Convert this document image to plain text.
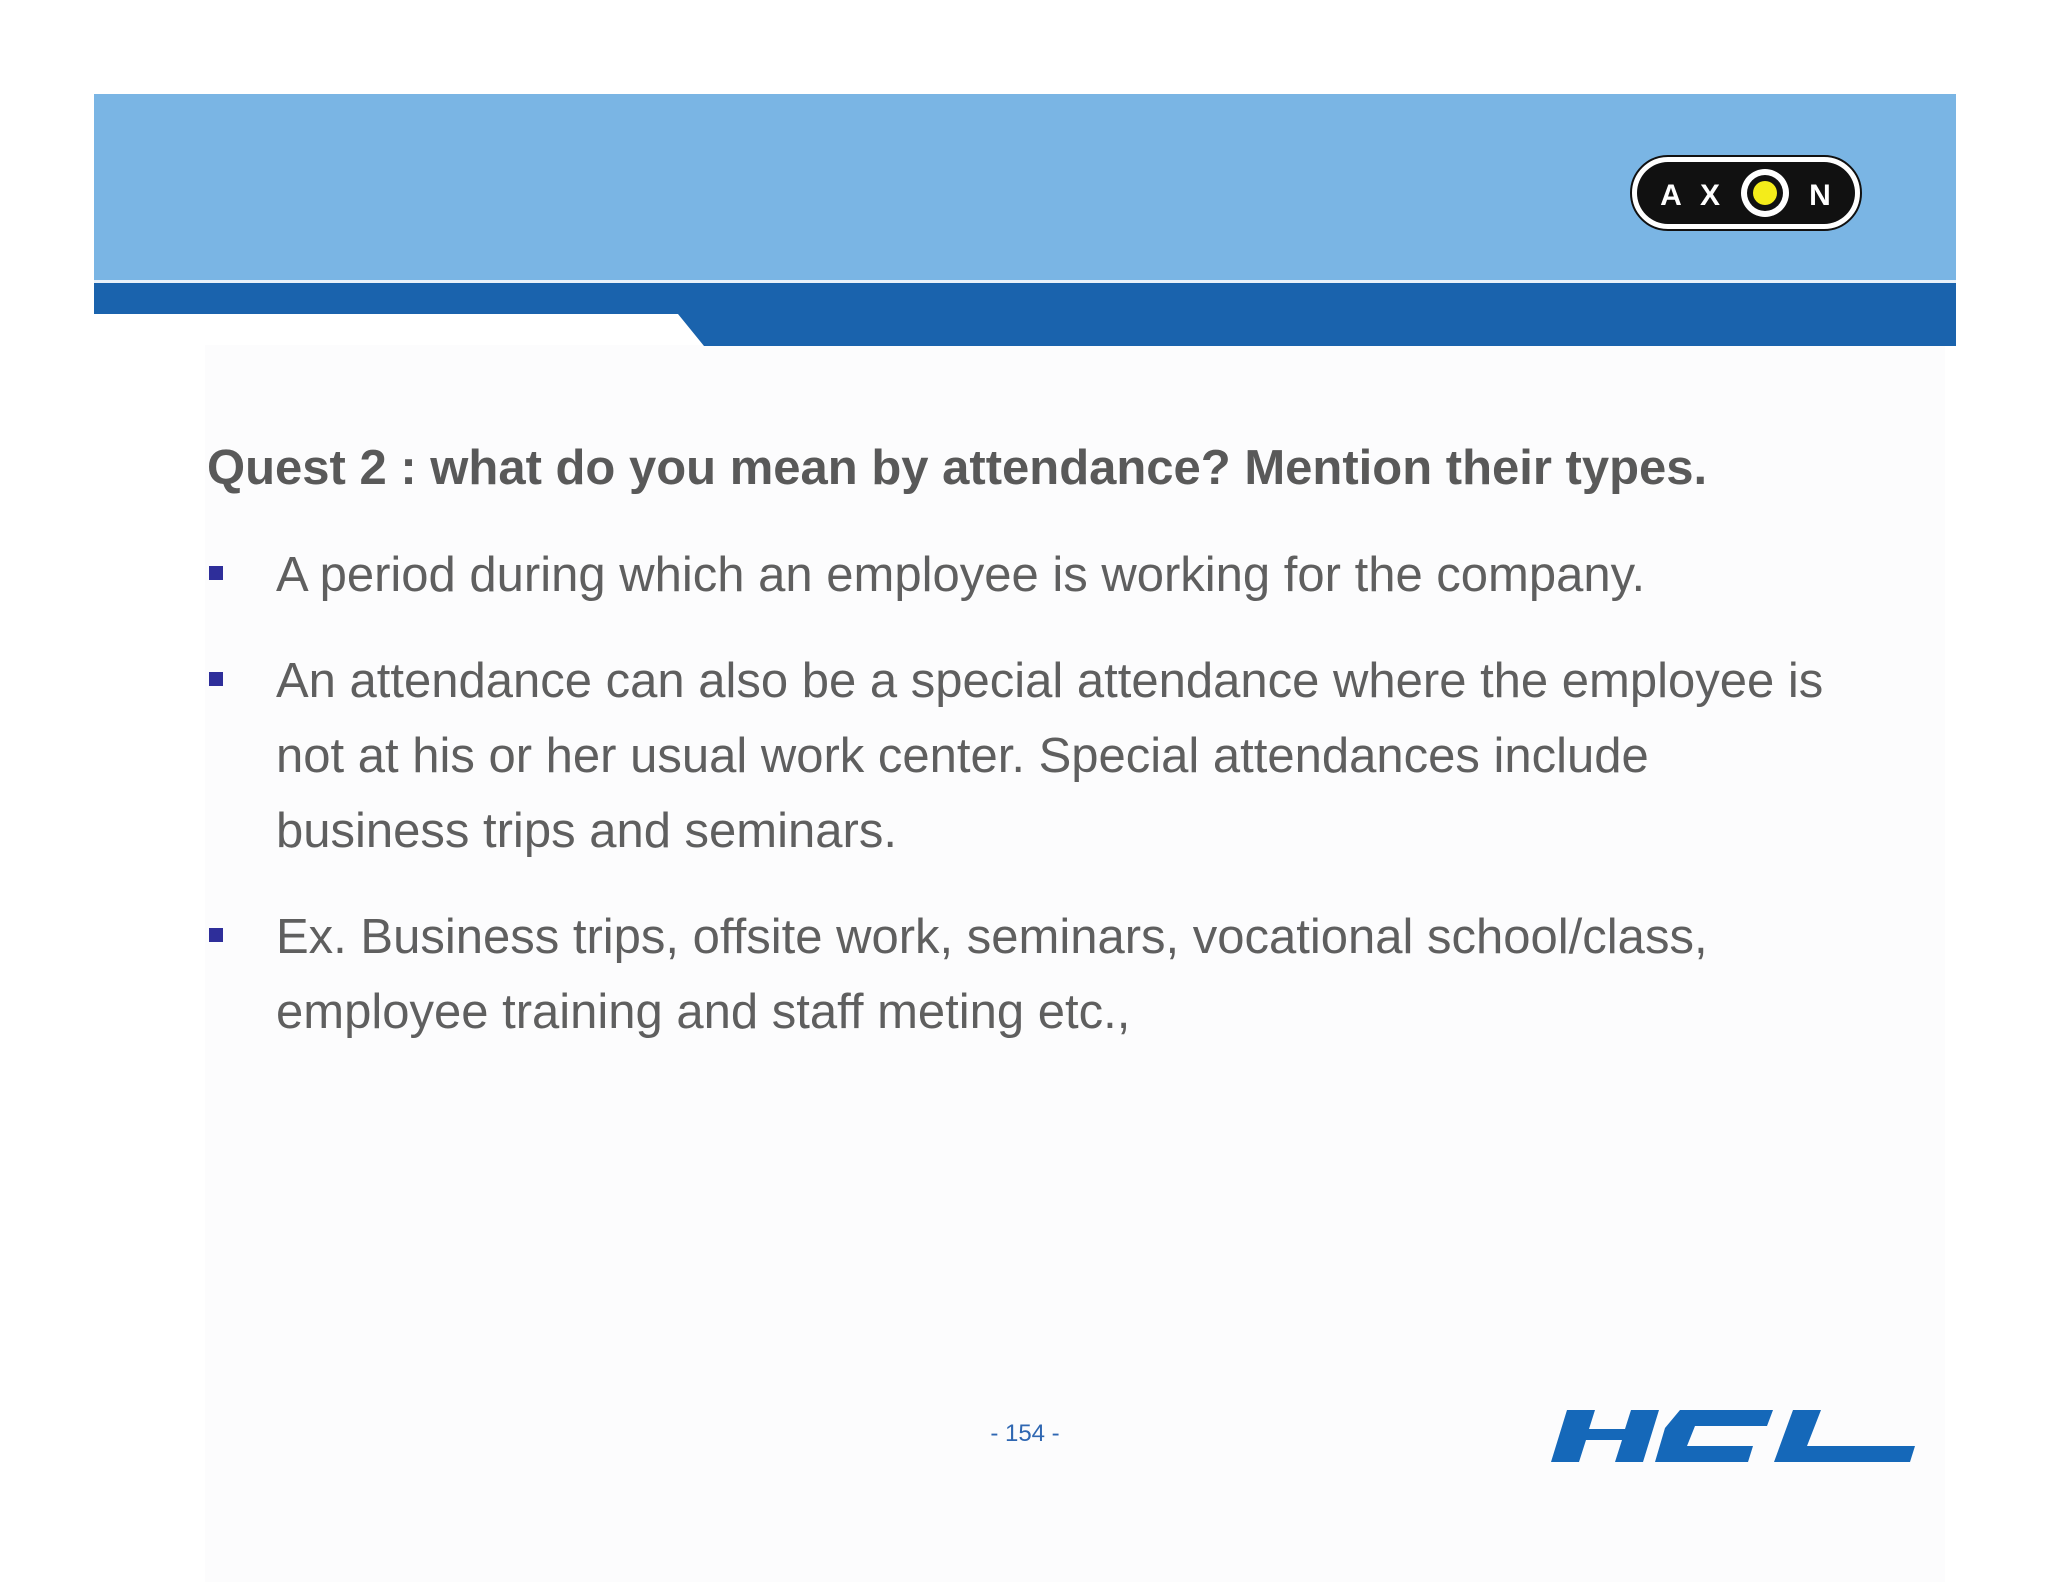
A X	N
Quest 2 : what do you mean by attendance? Mention their types.
A period during which an employee is working for the company.
An attendance can also be a special attendance where the employee is not at his or her usual work center. Special attendances include business trips and seminars.
Ex. Business trips, offsite work, seminars, vocational school/class, employee training and staff meting etc.,
- 154 -
